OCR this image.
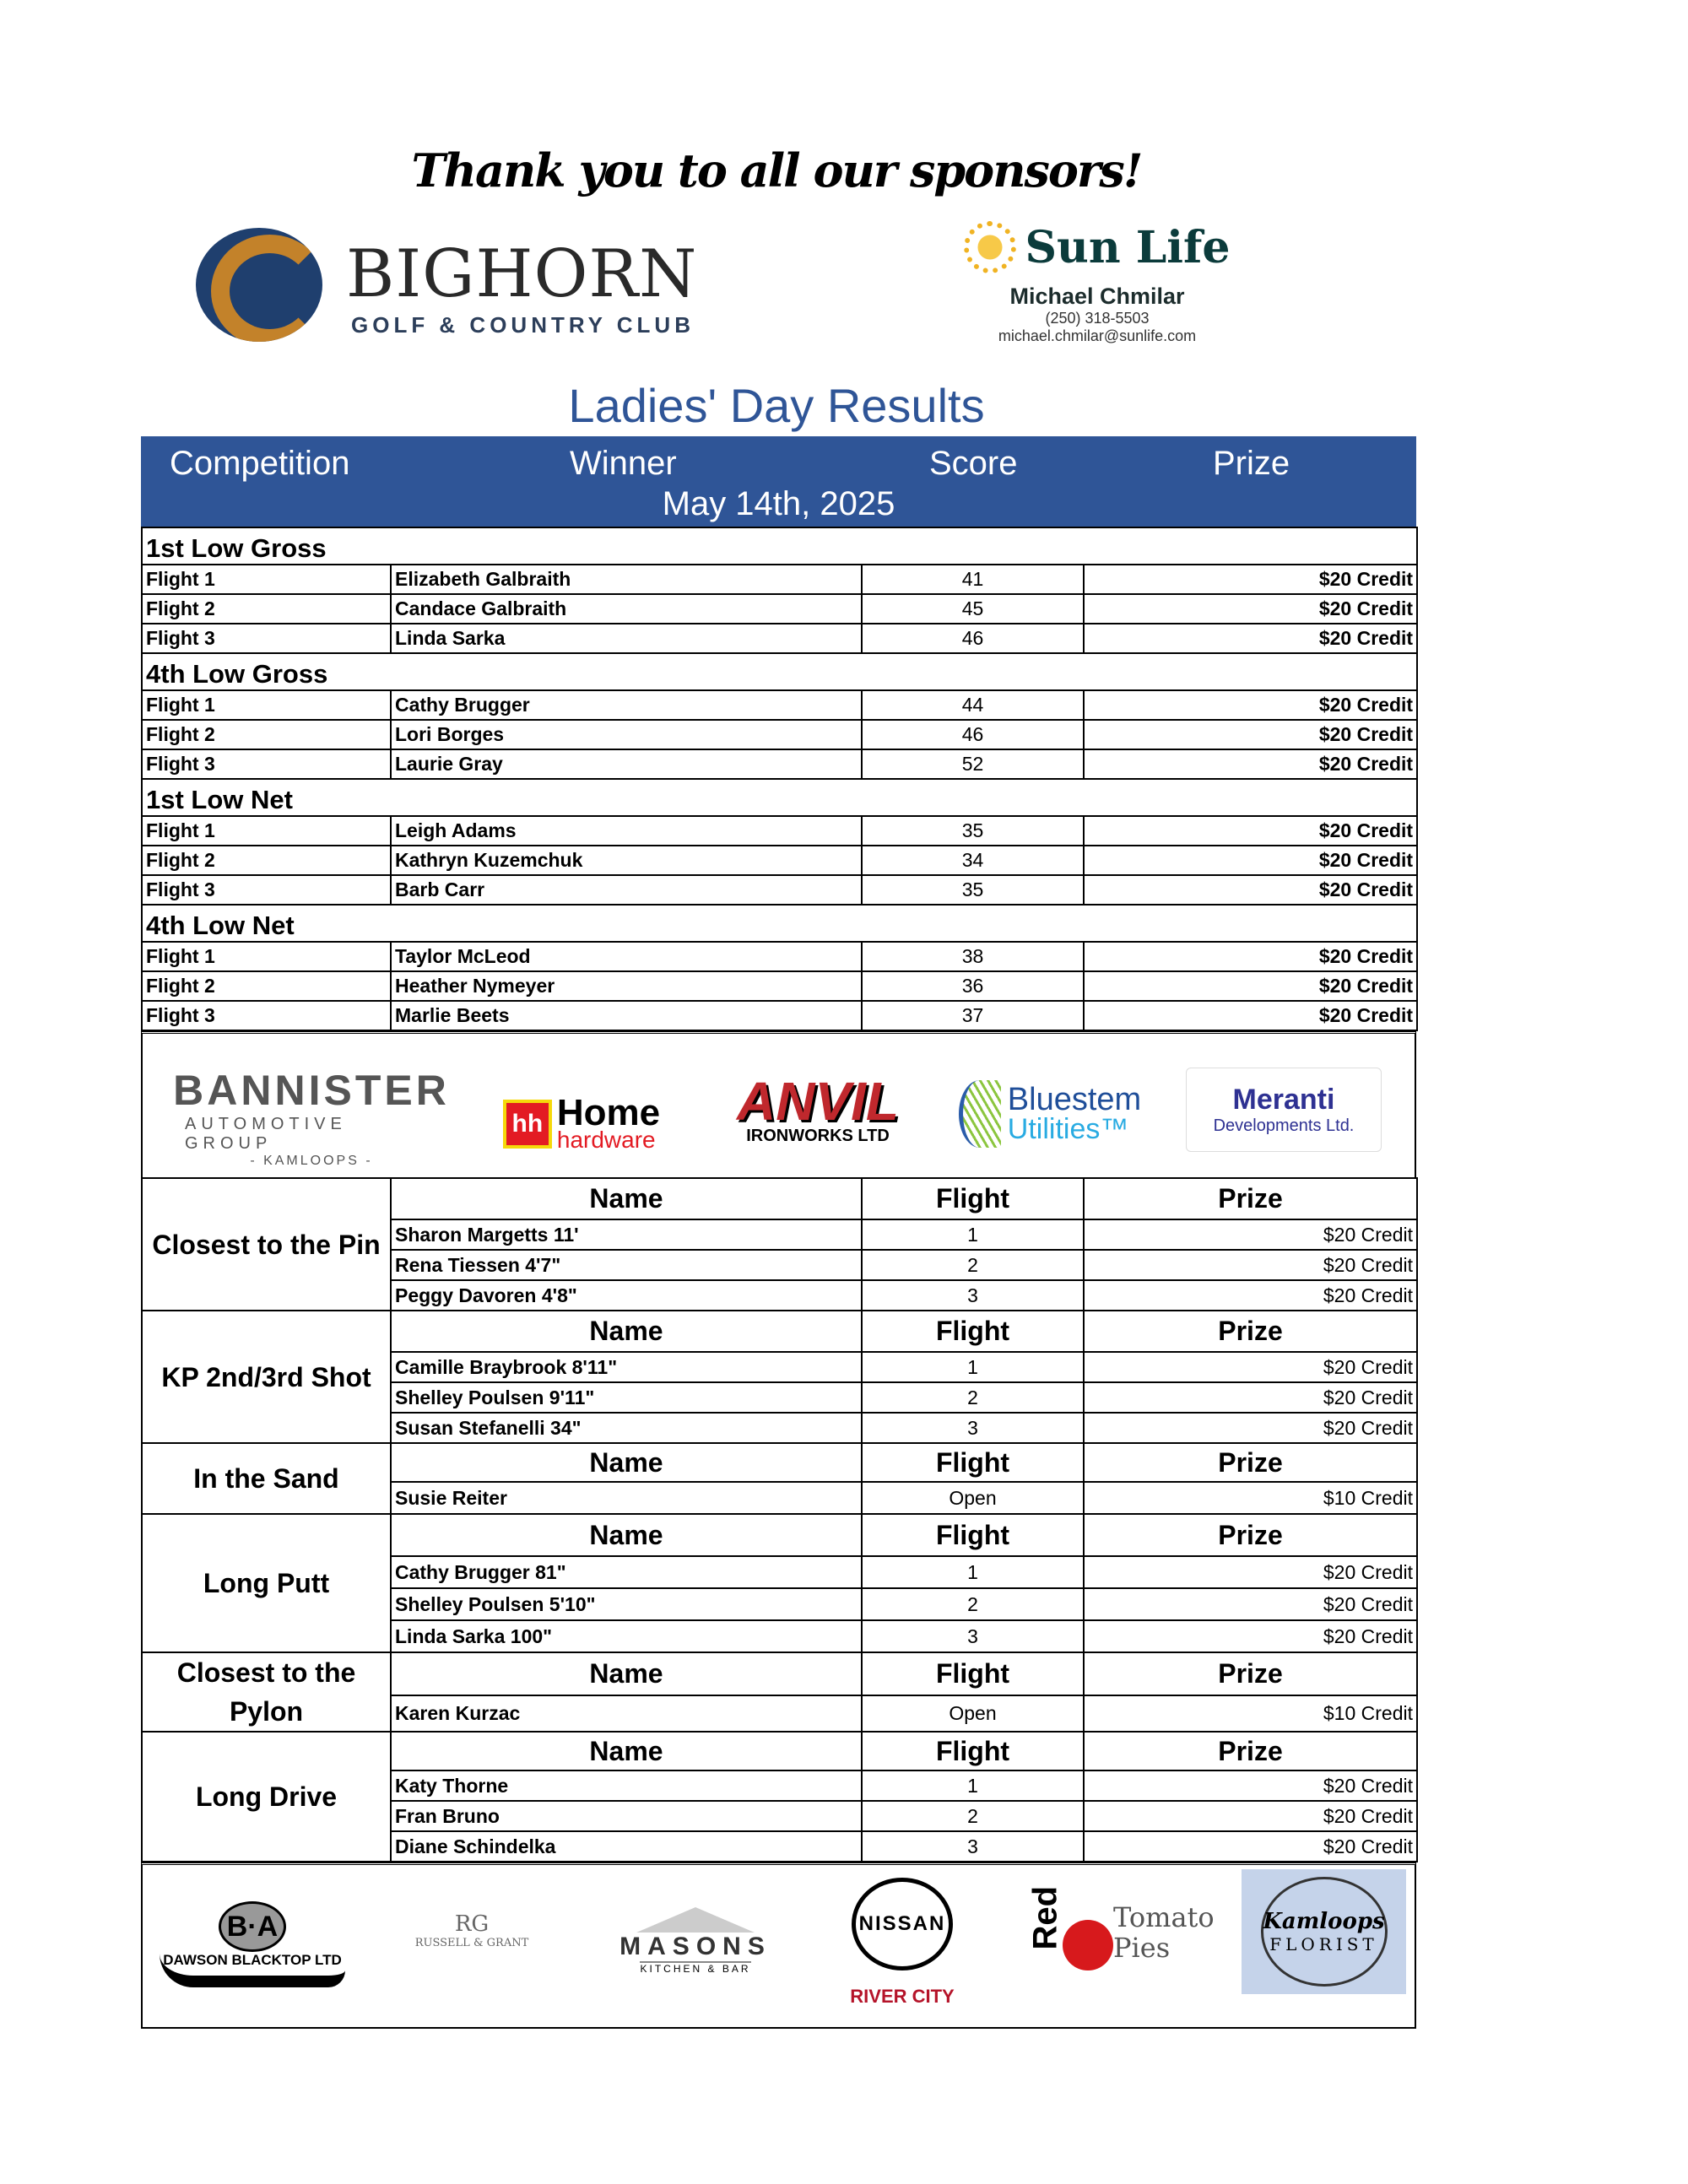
Thank you to all our sponsors!
BIGHORN
GOLF & COUNTRY CLUB
Sun Life
Michael Chmilar
(250) 318-5503
michael.chmilar@sunlife.com
Ladies' Day Results
Competition	Winner	Score	Prize
May 14th, 2025
1st Low Gross			
Flight 1	Elizabeth Galbraith	41	$20 Credit
Flight 2	Candace Galbraith	45	$20 Credit
Flight 3	Linda Sarka	46	$20 Credit
4th Low Gross			
Flight 1	Cathy Brugger	44	$20 Credit
Flight 2	Lori Borges	46	$20 Credit
Flight 3	Laurie Gray	52	$20 Credit
1st Low Net			
Flight 1	Leigh Adams	35	$20 Credit
Flight 2	Kathryn Kuzemchuk	34	$20 Credit
Flight 3	Barb Carr	35	$20 Credit
4th Low Net			
Flight 1	Taylor McLeod	38	$20 Credit
Flight 2	Heather Nymeyer	36	$20 Credit
Flight 3	Marlie Beets	37	$20 Credit
BANNISTER
AUTOMOTIVE GROUP
- KAMLOOPS -
hh Home
hardware
ANVIL
IRONWORKS LTD
Bluestem
Utilities™
Meranti
Developments Ltd.
Closest to the Pin	Name	Flight	Prize
	Sharon Margetts 11'	1	$20 Credit
	Rena Tiessen 4'7"	2	$20 Credit
	Peggy Davoren 4'8"	3	$20 Credit
KP 2nd/3rd Shot	Name	Flight	Prize
	Camille Braybrook 8'11"	1	$20 Credit
	Shelley Poulsen 9'11"	2	$20 Credit
	Susan Stefanelli 34"	3	$20 Credit
In the Sand	Name	Flight	Prize
	Susie Reiter	Open	$10 Credit
Long Putt	Name	Flight	Prize
	Cathy Brugger 81"	1	$20 Credit
	Shelley Poulsen 5'10"	2	$20 Credit
	Linda Sarka 100"	3	$20 Credit
Closest to the Pylon	Name	Flight	Prize
	Karen Kurzac	Open	$10 Credit
Long Drive	Name	Flight	Prize
	Katy Thorne	1	$20 Credit
	Fran Bruno	2	$20 Credit
	Diane Schindelka	3	$20 Credit
B·A
DAWSON BLACKTOP LTD
RG
RUSSELL & GRANT	MASONS
KITCHEN & BAR
NISSAN
RIVER CITY
Red Tomato Pies
Kamloops
FLORIST
